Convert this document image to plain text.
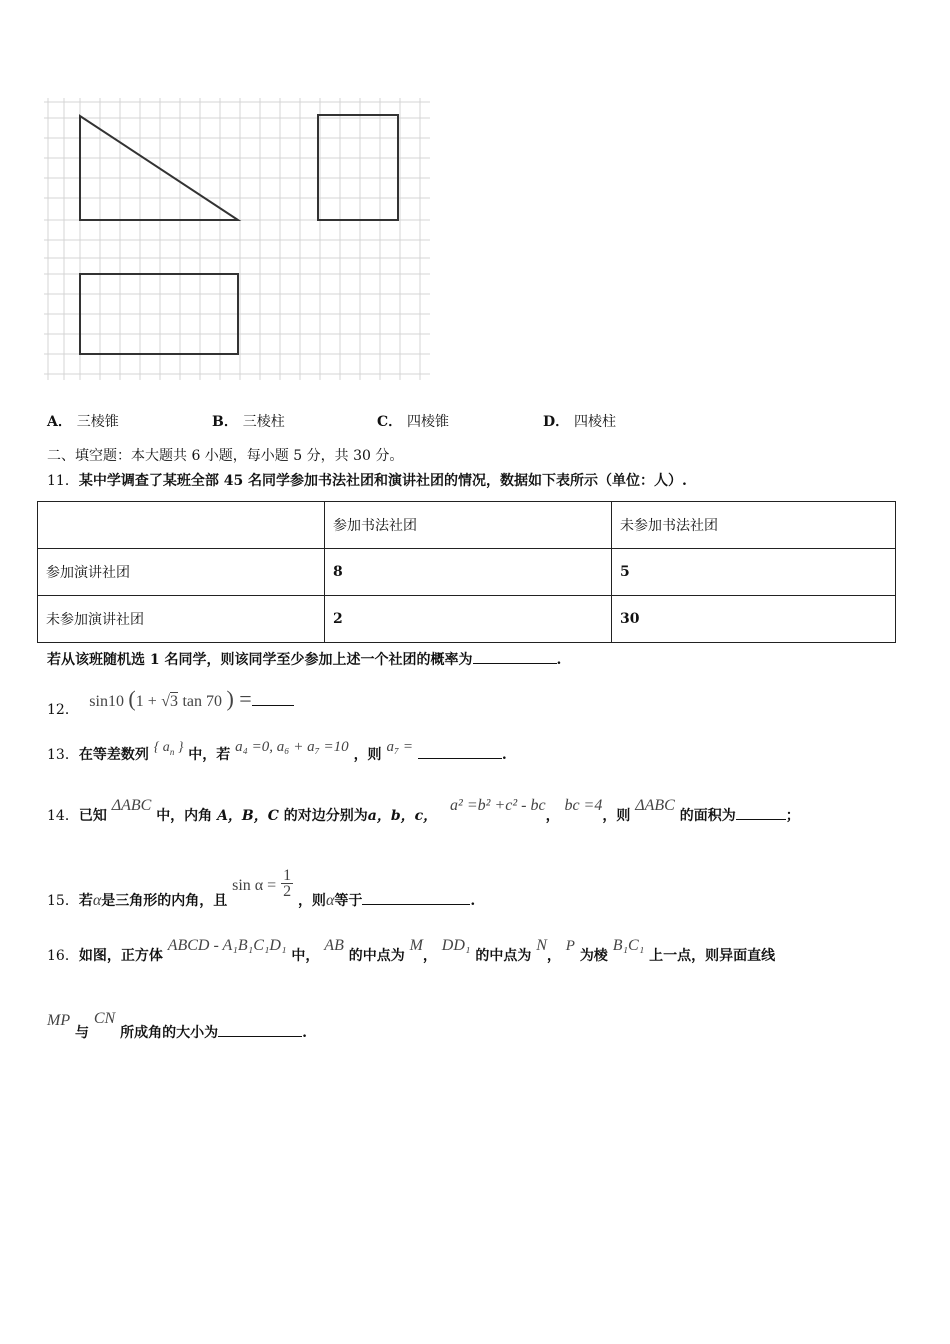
A． 三棱锥	B． 三棱柱	C． 四棱锥	D． 四棱柱
二、填空题：本大题共 6 小题，每小题 5 分，共 30 分。
11．某中学调查了某班全部 45 名同学参加书法社团和演讲社团的情况，数据如下表所示（单位：人）.
	参加书法社团	未参加书法社团
参加演讲社团	8	5
未参加演讲社团	2	30
若从该班随机选 1 名同学，则该同学至少参加上述一个社团的概率为	.
12． sin10 (1 + √3 tan 70 ) =
13．在等差数列 { $a_n$ } 中，若 a₄ =0, a₆ + a₇ =10 ，则 a₇ =	.
14．已知 ΔABC 中，内角 A，B，C 的对边分别为a，b，c， a² =b² +c² - bc， bc =4，则 ΔABC 的面积为	；
15．若α是三角形的内角，且 $\sin \alpha = \frac{1}{2}$
，则α等于	.
16．如图，正方体 ABCD - A₁B₁C₁D₁ 中， AB 的中点为 M， DD₁ 的中点为 N， P 为棱 B₁C₁ 上一点，则异面直线
MP 与 CN 所成角的大小为	.
